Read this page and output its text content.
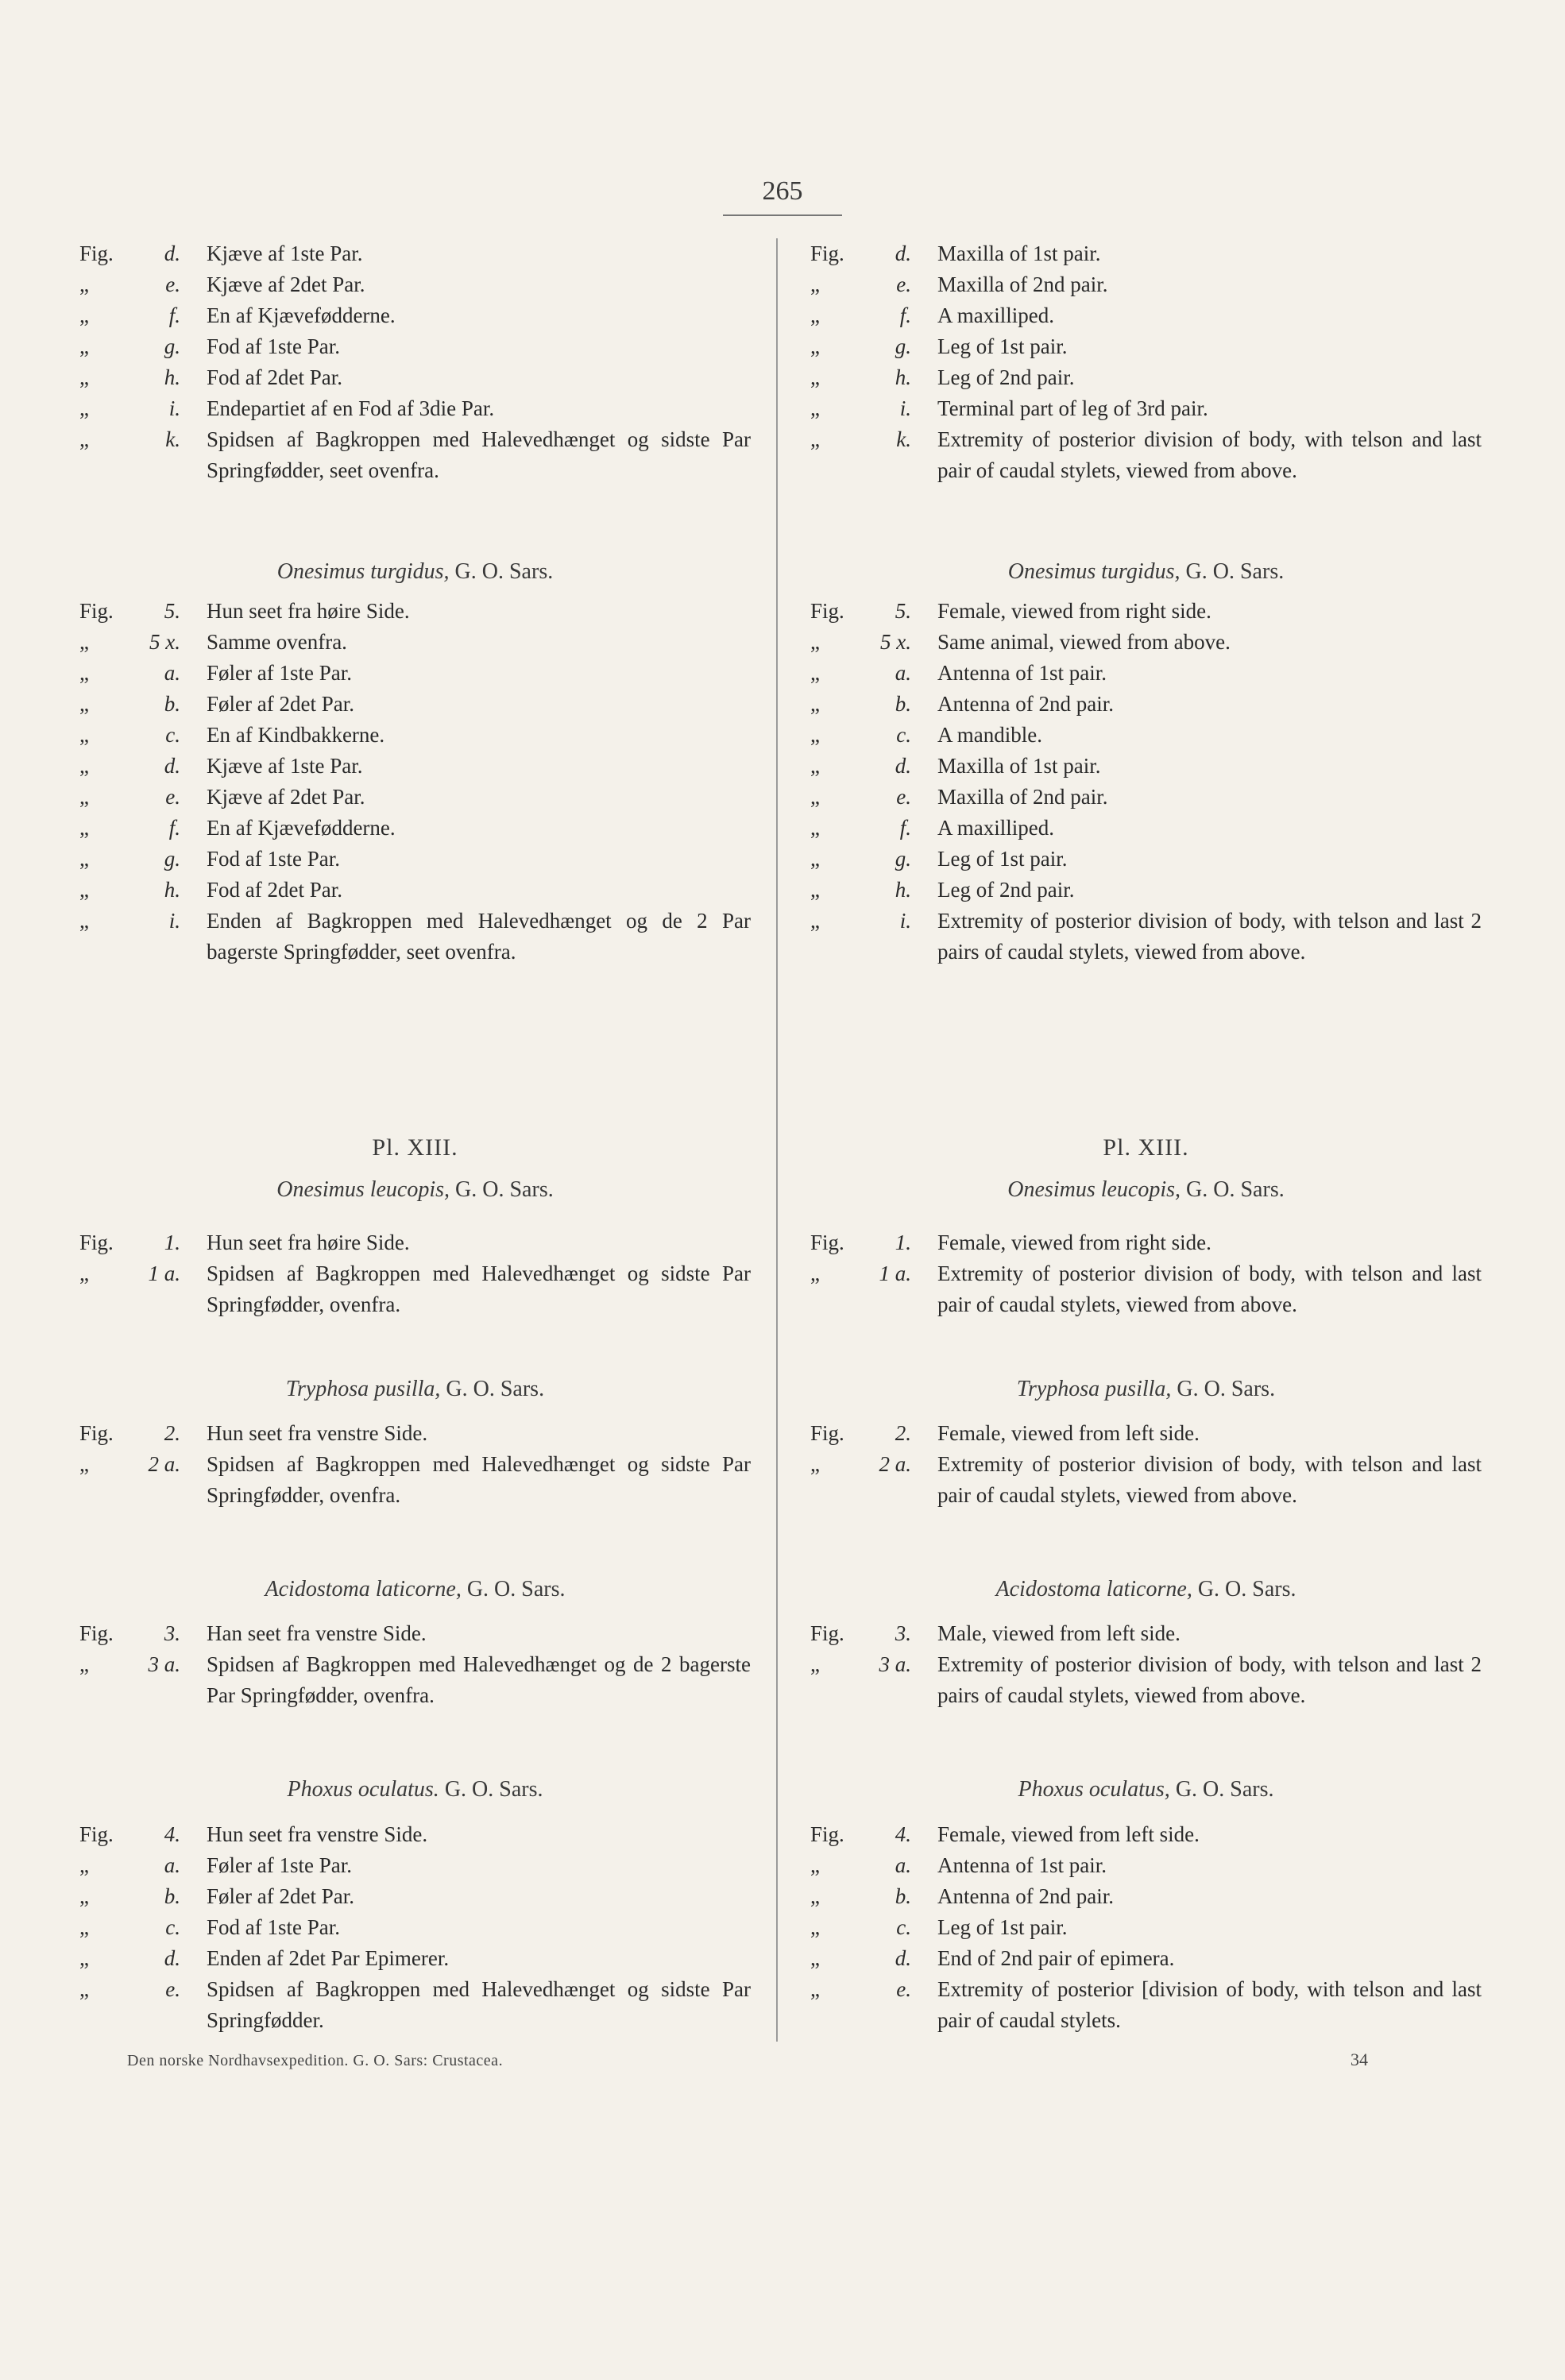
265
Fig.	d. Kjæve af 1ste Par.
„	e. Kjæve af 2det Par.
„	f. En af Kjævefødderne.
„	g. Fod af 1ste Par.
„	h. Fod af 2det Par.
„	i. Endepartiet af en Fod af 3die Par.
„	k. Spidsen af Bagkroppen med Halevedhænget og sidste Par Springfødder, seet ovenfra.
Fig.	5. Hun seet fra høire Side.
„	5 x. Samme ovenfra.
„	a. Føler af 1ste Par.
„	b. Føler af 2det Par.
„	c. En af Kindbakkerne.
„	d. Kjæve af 1ste Par.
„	e. Kjæve af 2det Par.
„	f. En af Kjævefødderne.
„	g. Fod af 1ste Par.
„	h. Fod af 2det Par.
„	i. Enden af Bagkroppen med Halevedhænget og de 2 Par bagerste Springfødder, seet ovenfra.
Fig.	1. Hun seet fra høire Side.
„	1 a. Spidsen af Bagkroppen med Halevedhænget og sidste Par Springfødder, ovenfra.
Fig.	2. Hun seet fra venstre Side.
„	2 a. Spidsen af Bagkroppen med Halevedhænget og sidste Par Springfødder, ovenfra.
Fig.	3. Han seet fra venstre Side.
„	3 a. Spidsen af Bagkroppen med Halevedhænget og de 2 bagerste Par Springfødder, ovenfra.
Fig.	4. Hun seet fra venstre Side.
„	a. Føler af 1ste Par.
„	b. Føler af 2det Par.
„	c. Fod af 1ste Par.
„	d. Enden af 2det Par Epimerer.
„	e. Spidsen af Bagkroppen med Halevedhænget og sidste Par Springfødder.
Onesimus turgidus, G. O. Sars.
Onesimus leucopis, G. O. Sars.
Tryphosa pusilla, G. O. Sars.
Acidostoma laticorne, G. O. Sars.
Phoxus oculatus. G. O. Sars.
Pl. XIII.
Fig.	d. Maxilla of 1st pair.
„	e. Maxilla of 2nd pair.
„	f. A maxilliped.
„	g. Leg of 1st pair.
„	h. Leg of 2nd pair.
„	i. Terminal part of leg of 3rd pair.
„	k. Extremity of posterior division of body, with telson and last pair of caudal stylets, viewed from above.
Fig.	5. Female, viewed from right side.
„	5 x. Same animal, viewed from above.
„	a. Antenna of 1st pair.
„	b. Antenna of 2nd pair.
„	c. A mandible.
„	d. Maxilla of 1st pair.
„	e. Maxilla of 2nd pair.
„	f. A maxilliped.
„	g. Leg of 1st pair.
„	h. Leg of 2nd pair.
„	i. Extremity of posterior division of body, with telson and last 2 pairs of caudal stylets, viewed from above.
Fig.	1. Female, viewed from right side.
„	1 a. Extremity of posterior division of body, with telson and last pair of caudal stylets, viewed from above.
Fig.	2. Female, viewed from left side.
„	2 a. Extremity of posterior division of body, with telson and last pair of caudal stylets, viewed from above.
Fig.	3. Male, viewed from left side.
„	3 a. Extremity of posterior division of body, with telson and last 2 pairs of caudal stylets, viewed from above.
Fig.	4. Female, viewed from left side.
„	a. Antenna of 1st pair.
„	b. Antenna of 2nd pair.
„	c. Leg of 1st pair.
„	d. End of 2nd pair of epimera.
„	e. Extremity of posterior [division of body, with telson and last pair of caudal stylets.
Onesimus turgidus, G. O. Sars.
Onesimus leucopis, G. O. Sars.
Tryphosa pusilla, G. O. Sars.
Acidostoma laticorne, G. O. Sars.
Phoxus oculatus, G. O. Sars.
Pl. XIII.
Den norske Nordhavsexpedition. G. O. Sars: Crustacea.	34
